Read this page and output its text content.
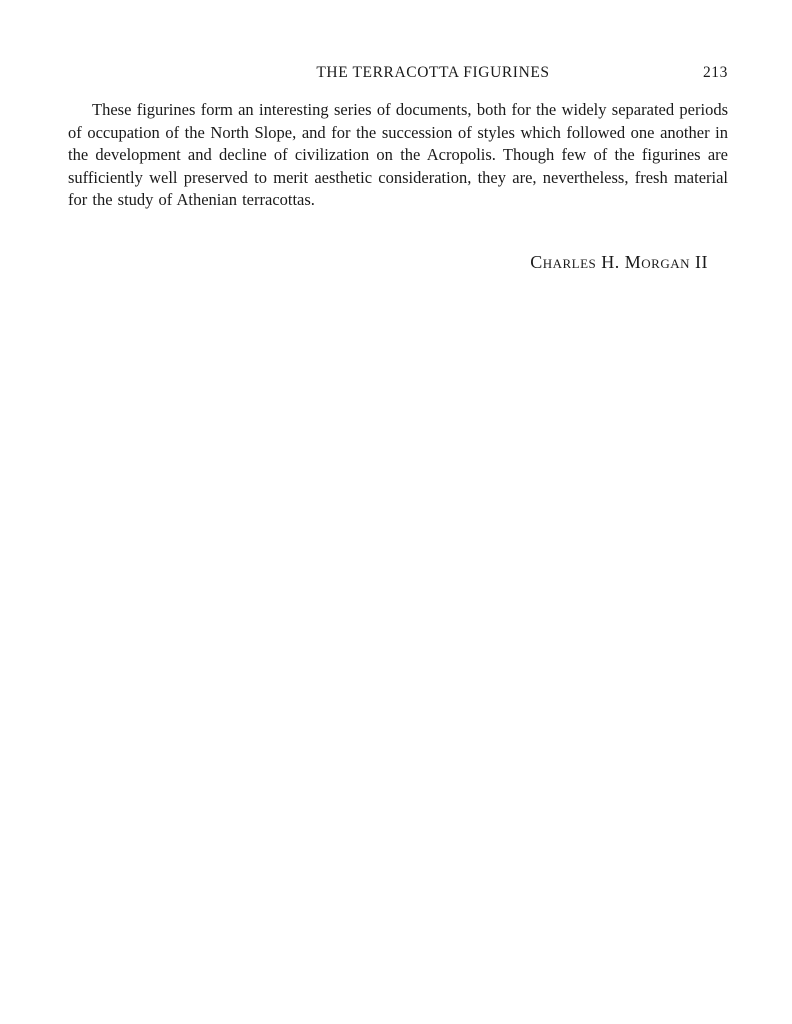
THE TERRACOTTA FIGURINES	213

These figurines form an interesting series of documents, both for the widely separated periods of occupation of the North Slope, and for the succession of styles which followed one another in the development and decline of civilization on the Acropolis. Though few of the figurines are sufficiently well preserved to merit aesthetic consideration, they are, nevertheless, fresh material for the study of Athenian terracottas.

Charles H. Morgan II
